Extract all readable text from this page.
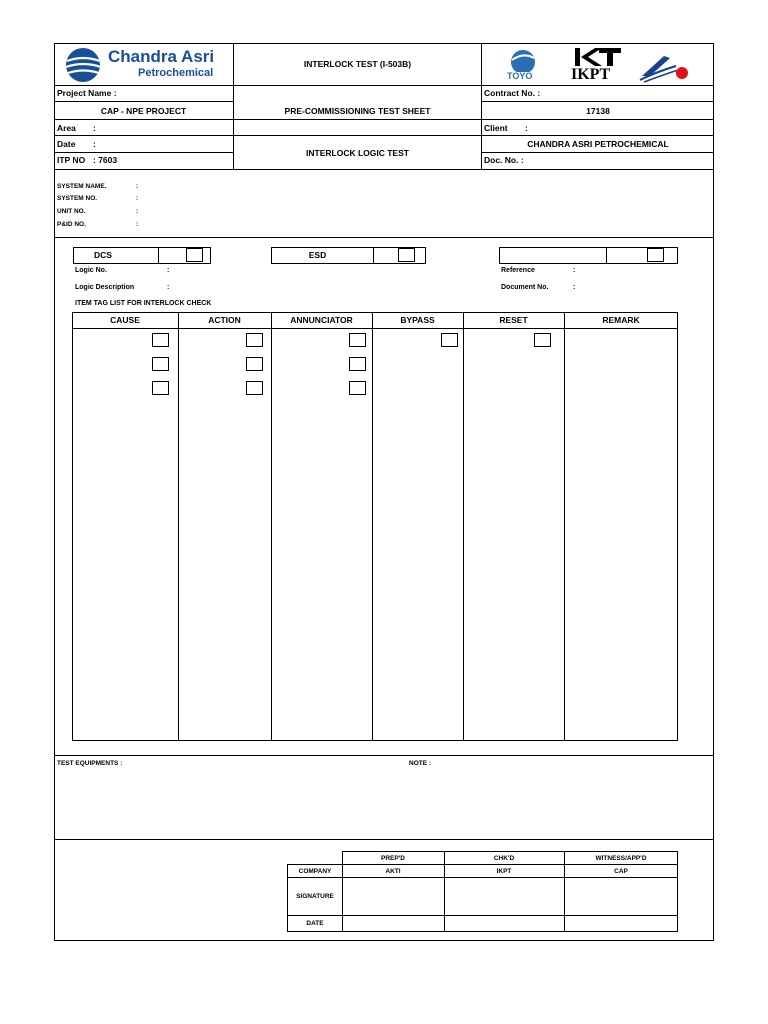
Chandra Asri
Petrochemical
INTERLOCK TEST (I-503B)
TOYO IKPT
Project Name :	Contract No. :
CAP - NPE PROJECT	PRE-COMMISSIONING TEST SHEET	17138
Area :	Client :
Date :
INTERLOCK LOGIC TEST
CHANDRA ASRI PETROCHEMICAL
ITP NO : 7603	Doc. No. :
SYSTEM NAME.	:
SYSTEM NO.	:
UNIT NO.	:
P&ID NO.	:
DCS	ESD
Logic No.	:	Reference	:
Logic Description	:	Document No.	:
ITEM TAG LIST FOR INTERLOCK CHECK
CAUSE	ACTION	ANNUNCIATOR	BYPASS	RESET	REMARK
TEST EQUIPMENTS :	NOTE :
PREP'D	CHK'D	WITNESS/APP'D
COMPANY	AKTI	IKPT	CAP
SIGNATURE
DATE
